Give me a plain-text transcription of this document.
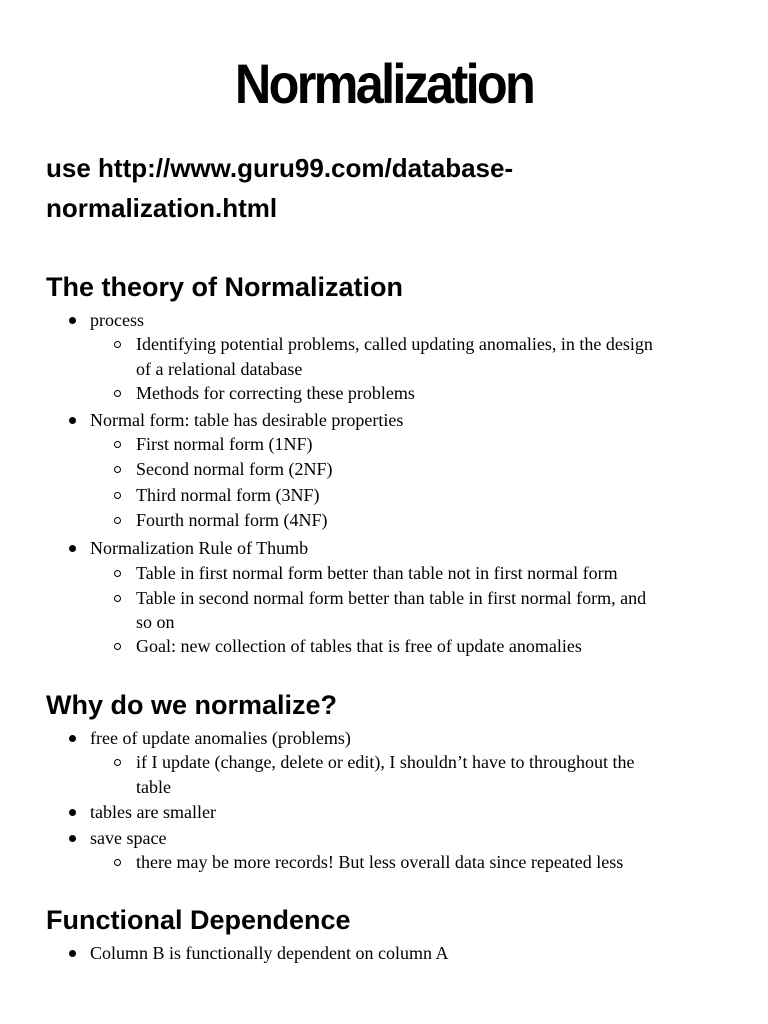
Normalization
use http://www.guru99.com/database-
normalization.html
The theory of Normalization
process
Identifying potential problems, called updating anomalies, in the design
of a relational database
Methods for correcting these problems
Normal form: table has desirable properties
First normal form (1NF)
Second normal form (2NF)
Third normal form (3NF)
Fourth normal form (4NF)
Normalization Rule of Thumb
Table in first normal form better than table not in first normal form
Table in second normal form better than table in first normal form, and
so on
Goal: new collection of tables that is free of update anomalies
Why do we normalize?
free of update anomalies (problems)
if I update (change, delete or edit), I shouldn’t have to throughout the
table
tables are smaller
save space
there may be more records! But less overall data since repeated less
Functional Dependence
Column B is functionally dependent on column A
